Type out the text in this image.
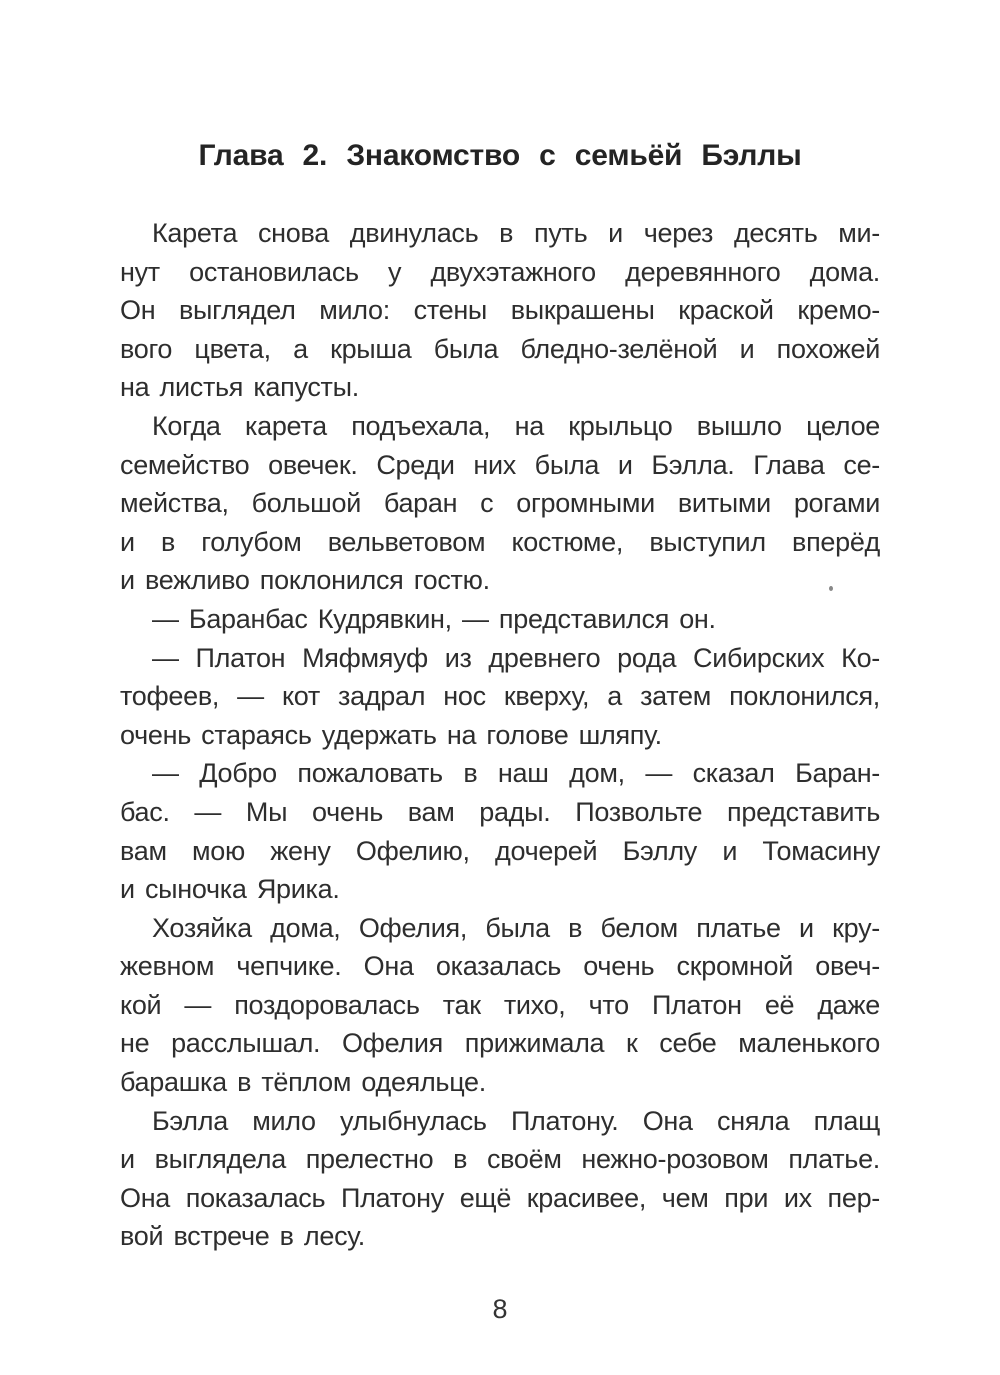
Глава 2. Знакомство с семьёй Бэллы
Карета снова двинулась в путь и через десять ми-
нут остановилась у двухэтажного деревянного дома.
Он выглядел мило: стены выкрашены краской кремо-
вого цвета, а крыша была бледно-зелёной и похожей
на листья капусты.
Когда карета подъехала, на крыльцо вышло целое
семейство овечек. Среди них была и Бэлла. Глава се-
мейства, большой баран с огромными витыми рогами
и в голубом вельветовом костюме, выступил вперёд
и вежливо поклонился гостю.
— Баранбас Кудрявкин, — представился он.
— Платон Мяфмяуф из древнего рода Сибирских Ко-
тофеев, — кот задрал нос кверху, а затем поклонился,
очень стараясь удержать на голове шляпу.
— Добро пожаловать в наш дом, — сказал Баран-
бас. — Мы очень вам рады. Позвольте представить
вам мою жену Офелию, дочерей Бэллу и Томасину
и сыночка Ярика.
Хозяйка дома, Офелия, была в белом платье и кру-
жевном чепчике. Она оказалась очень скромной овеч-
кой — поздоровалась так тихо, что Платон её даже
не расслышал. Офелия прижимала к себе маленького
барашка в тёплом одеяльце.
Бэлла мило улыбнулась Платону. Она сняла плащ
и выглядела прелестно в своём нежно-розовом платье.
Она показалась Платону ещё красивее, чем при их пер-
вой встрече в лесу.
8
